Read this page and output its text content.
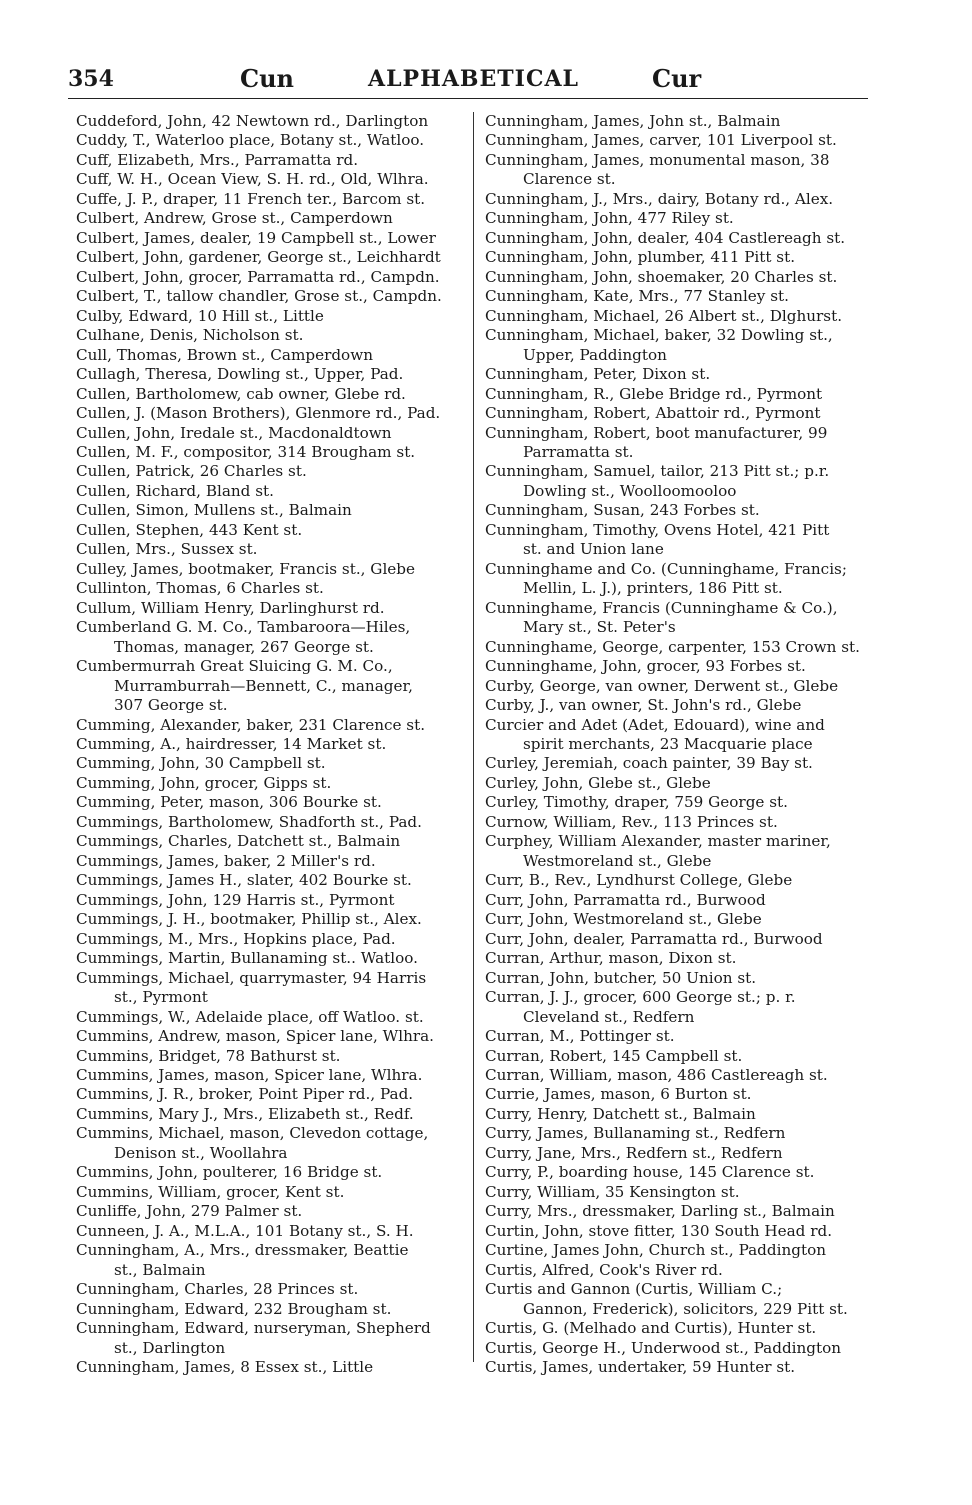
354	Cun	ALPHABETICAL	Cur
Cuddeford, John, 42 Newtown rd., Darlington
Cuddy, T., Waterloo place, Botany st., Watloo.
Cuff, Elizabeth, Mrs., Parramatta rd.
Cuff, W. H., Ocean View, S. H. rd., Old, Wlhra.
Cuffe, J. P., draper, 11 French ter., Barcom st.
Culbert, Andrew, Grose st., Camperdown
Culbert, James, dealer, 19 Campbell st., Lower
Culbert, John, gardener, George st., Leichhardt
Culbert, John, grocer, Parramatta rd., Campdn.
Culbert, T., tallow chandler, Grose st., Campdn.
Culby, Edward, 10 Hill st., Little
Culhane, Denis, Nicholson st.
Cull, Thomas, Brown st., Camperdown
Cullagh, Theresa, Dowling st., Upper, Pad.
Cullen, Bartholomew, cab owner, Glebe rd.
Cullen, J. (Mason Brothers), Glenmore rd., Pad.
Cullen, John, Iredale st., Macdonaldtown
Cullen, M. F., compositor, 314 Brougham st.
Cullen, Patrick, 26 Charles st.
Cullen, Richard, Bland st.
Cullen, Simon, Mullens st., Balmain
Cullen, Stephen, 443 Kent st.
Cullen, Mrs., Sussex st.
Culley, James, bootmaker, Francis st., Glebe
Cullinton, Thomas, 6 Charles st.
Cullum, William Henry, Darlinghurst rd.
Cumberland G. M. Co., Tambaroora—Hiles,
Thomas, manager, 267 George st.
Cumbermurrah Great Sluicing G. M. Co.,
Murramburrah—Bennett, C., manager,
307 George st.
Cumming, Alexander, baker, 231 Clarence st.
Cumming, A., hairdresser, 14 Market st.
Cumming, John, 30 Campbell st.
Cumming, John, grocer, Gipps st.
Cumming, Peter, mason, 306 Bourke st.
Cummings, Bartholomew, Shadforth st., Pad.
Cummings, Charles, Datchett st., Balmain
Cummings, James, baker, 2 Miller's rd.
Cummings, James H., slater, 402 Bourke st.
Cummings, John, 129 Harris st., Pyrmont
Cummings, J. H., bootmaker, Phillip st., Alex.
Cummings, M., Mrs., Hopkins place, Pad.
Cummings, Martin, Bullanaming st.. Watloo.
Cummings, Michael, quarrymaster, 94 Harris
st., Pyrmont
Cummings, W., Adelaide place, off Watloo. st.
Cummins, Andrew, mason, Spicer lane, Wlhra.
Cummins, Bridget, 78 Bathurst st.
Cummins, James, mason, Spicer lane, Wlhra.
Cummins, J. R., broker, Point Piper rd., Pad.
Cummins, Mary J., Mrs., Elizabeth st., Redf.
Cummins, Michael, mason, Clevedon cottage,
Denison st., Woollahra
Cummins, John, poulterer, 16 Bridge st.
Cummins, William, grocer, Kent st.
Cunliffe, John, 279 Palmer st.
Cunneen, J. A., M.L.A., 101 Botany st., S. H.
Cunningham, A., Mrs., dressmaker, Beattie
st., Balmain
Cunningham, Charles, 28 Princes st.
Cunningham, Edward, 232 Brougham st.
Cunningham, Edward, nurseryman, Shepherd
st., Darlington
Cunningham, James, 8 Essex st., Little
Cunningham, James, John st., Balmain
Cunningham, James, carver, 101 Liverpool st.
Cunningham, James, monumental mason, 38
Clarence st.
Cunningham, J., Mrs., dairy, Botany rd., Alex.
Cunningham, John, 477 Riley st.
Cunningham, John, dealer, 404 Castlereagh st.
Cunningham, John, plumber, 411 Pitt st.
Cunningham, John, shoemaker, 20 Charles st.
Cunningham, Kate, Mrs., 77 Stanley st.
Cunningham, Michael, 26 Albert st., Dlghurst.
Cunningham, Michael, baker, 32 Dowling st.,
Upper, Paddington
Cunningham, Peter, Dixon st.
Cunningham, R., Glebe Bridge rd., Pyrmont
Cunningham, Robert, Abattoir rd., Pyrmont
Cunningham, Robert, boot manufacturer, 99
Parramatta st.
Cunningham, Samuel, tailor, 213 Pitt st.; p.r.
Dowling st., Woolloomooloo
Cunningham, Susan, 243 Forbes st.
Cunningham, Timothy, Ovens Hotel, 421 Pitt
st. and Union lane
Cunninghame and Co. (Cunninghame, Francis;
Mellin, L. J.), printers, 186 Pitt st.
Cunninghame, Francis (Cunninghame & Co.),
Mary st., St. Peter's
Cunninghame, George, carpenter, 153 Crown st.
Cunninghame, John, grocer, 93 Forbes st.
Curby, George, van owner, Derwent st., Glebe
Curby, J., van owner, St. John's rd., Glebe
Curcier and Adet (Adet, Edouard), wine and
spirit merchants, 23 Macquarie place
Curley, Jeremiah, coach painter, 39 Bay st.
Curley, John, Glebe st., Glebe
Curley, Timothy, draper, 759 George st.
Curnow, William, Rev., 113 Princes st.
Curphey, William Alexander, master mariner,
Westmoreland st., Glebe
Curr, B., Rev., Lyndhurst College, Glebe
Curr, John, Parramatta rd., Burwood
Curr, John, Westmoreland st., Glebe
Curr, John, dealer, Parramatta rd., Burwood
Curran, Arthur, mason, Dixon st.
Curran, John, butcher, 50 Union st.
Curran, J. J., grocer, 600 George st.; p. r.
Cleveland st., Redfern
Curran, M., Pottinger st.
Curran, Robert, 145 Campbell st.
Curran, William, mason, 486 Castlereagh st.
Currie, James, mason, 6 Burton st.
Curry, Henry, Datchett st., Balmain
Curry, James, Bullanaming st., Redfern
Curry, Jane, Mrs., Redfern st., Redfern
Curry, P., boarding house, 145 Clarence st.
Curry, William, 35 Kensington st.
Curry, Mrs., dressmaker, Darling st., Balmain
Curtin, John, stove fitter, 130 South Head rd.
Curtine, James John, Church st., Paddington
Curtis, Alfred, Cook's River rd.
Curtis and Gannon (Curtis, William C.;
Gannon, Frederick), solicitors, 229 Pitt st.
Curtis, G. (Melhado and Curtis), Hunter st.
Curtis, George H., Underwood st., Paddington
Curtis, James, undertaker, 59 Hunter st.
